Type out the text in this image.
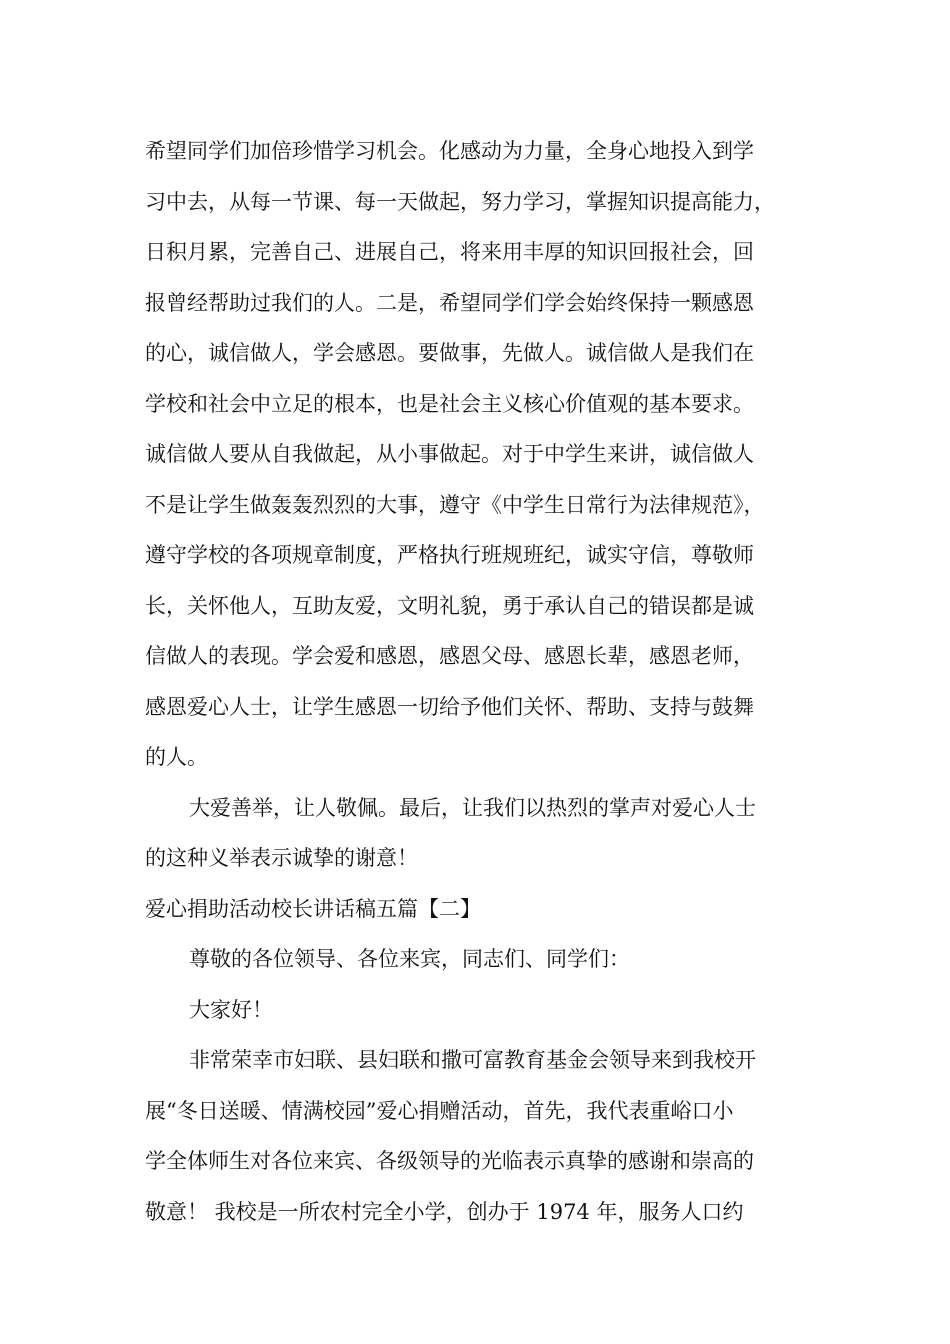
希望同学们加倍珍惜学习机会。化感动为力量，全身心地投入到学
习中去，从每一节课、每一天做起，努力学习，掌握知识提高能力，
日积月累，完善自己、进展自己，将来用丰厚的知识回报社会，回
报曾经帮助过我们的人。二是，希望同学们学会始终保持一颗感恩
的心，诚信做人，学会感恩。要做事，先做人。诚信做人是我们在
学校和社会中立足的根本，也是社会主义核心价值观的基本要求。
诚信做人要从自我做起，从小事做起。对于中学生来讲，诚信做人
不是让学生做轰轰烈烈的大事，遵守《中学生日常行为法律规范》，
遵守学校的各项规章制度，严格执行班规班纪，诚实守信，尊敬师
长，关怀他人，互助友爱，文明礼貌，勇于承认自己的错误都是诚
信做人的表现。学会爱和感恩，感恩父母、感恩长辈，感恩老师，
感恩爱心人士，让学生感恩一切给予他们关怀、帮助、支持与鼓舞
的人。
大爱善举，让人敬佩。最后，让我们以热烈的掌声对爱心人士
的这种义举表示诚挚的谢意！
爱心捐助活动校长讲话稿五篇【二】
尊敬的各位领导、各位来宾，同志们、同学们：
大家好！
非常荣幸市妇联、县妇联和撒可富教育基金会领导来到我校开
展“冬日送暖、情满校园”爱心捐赠活动，首先，我代表重峪口小
学全体师生对各位来宾、各级领导的光临表示真挚的感谢和崇高的
敬意！ 我校是一所农村完全小学，创办于 1974 年，服务人口约
